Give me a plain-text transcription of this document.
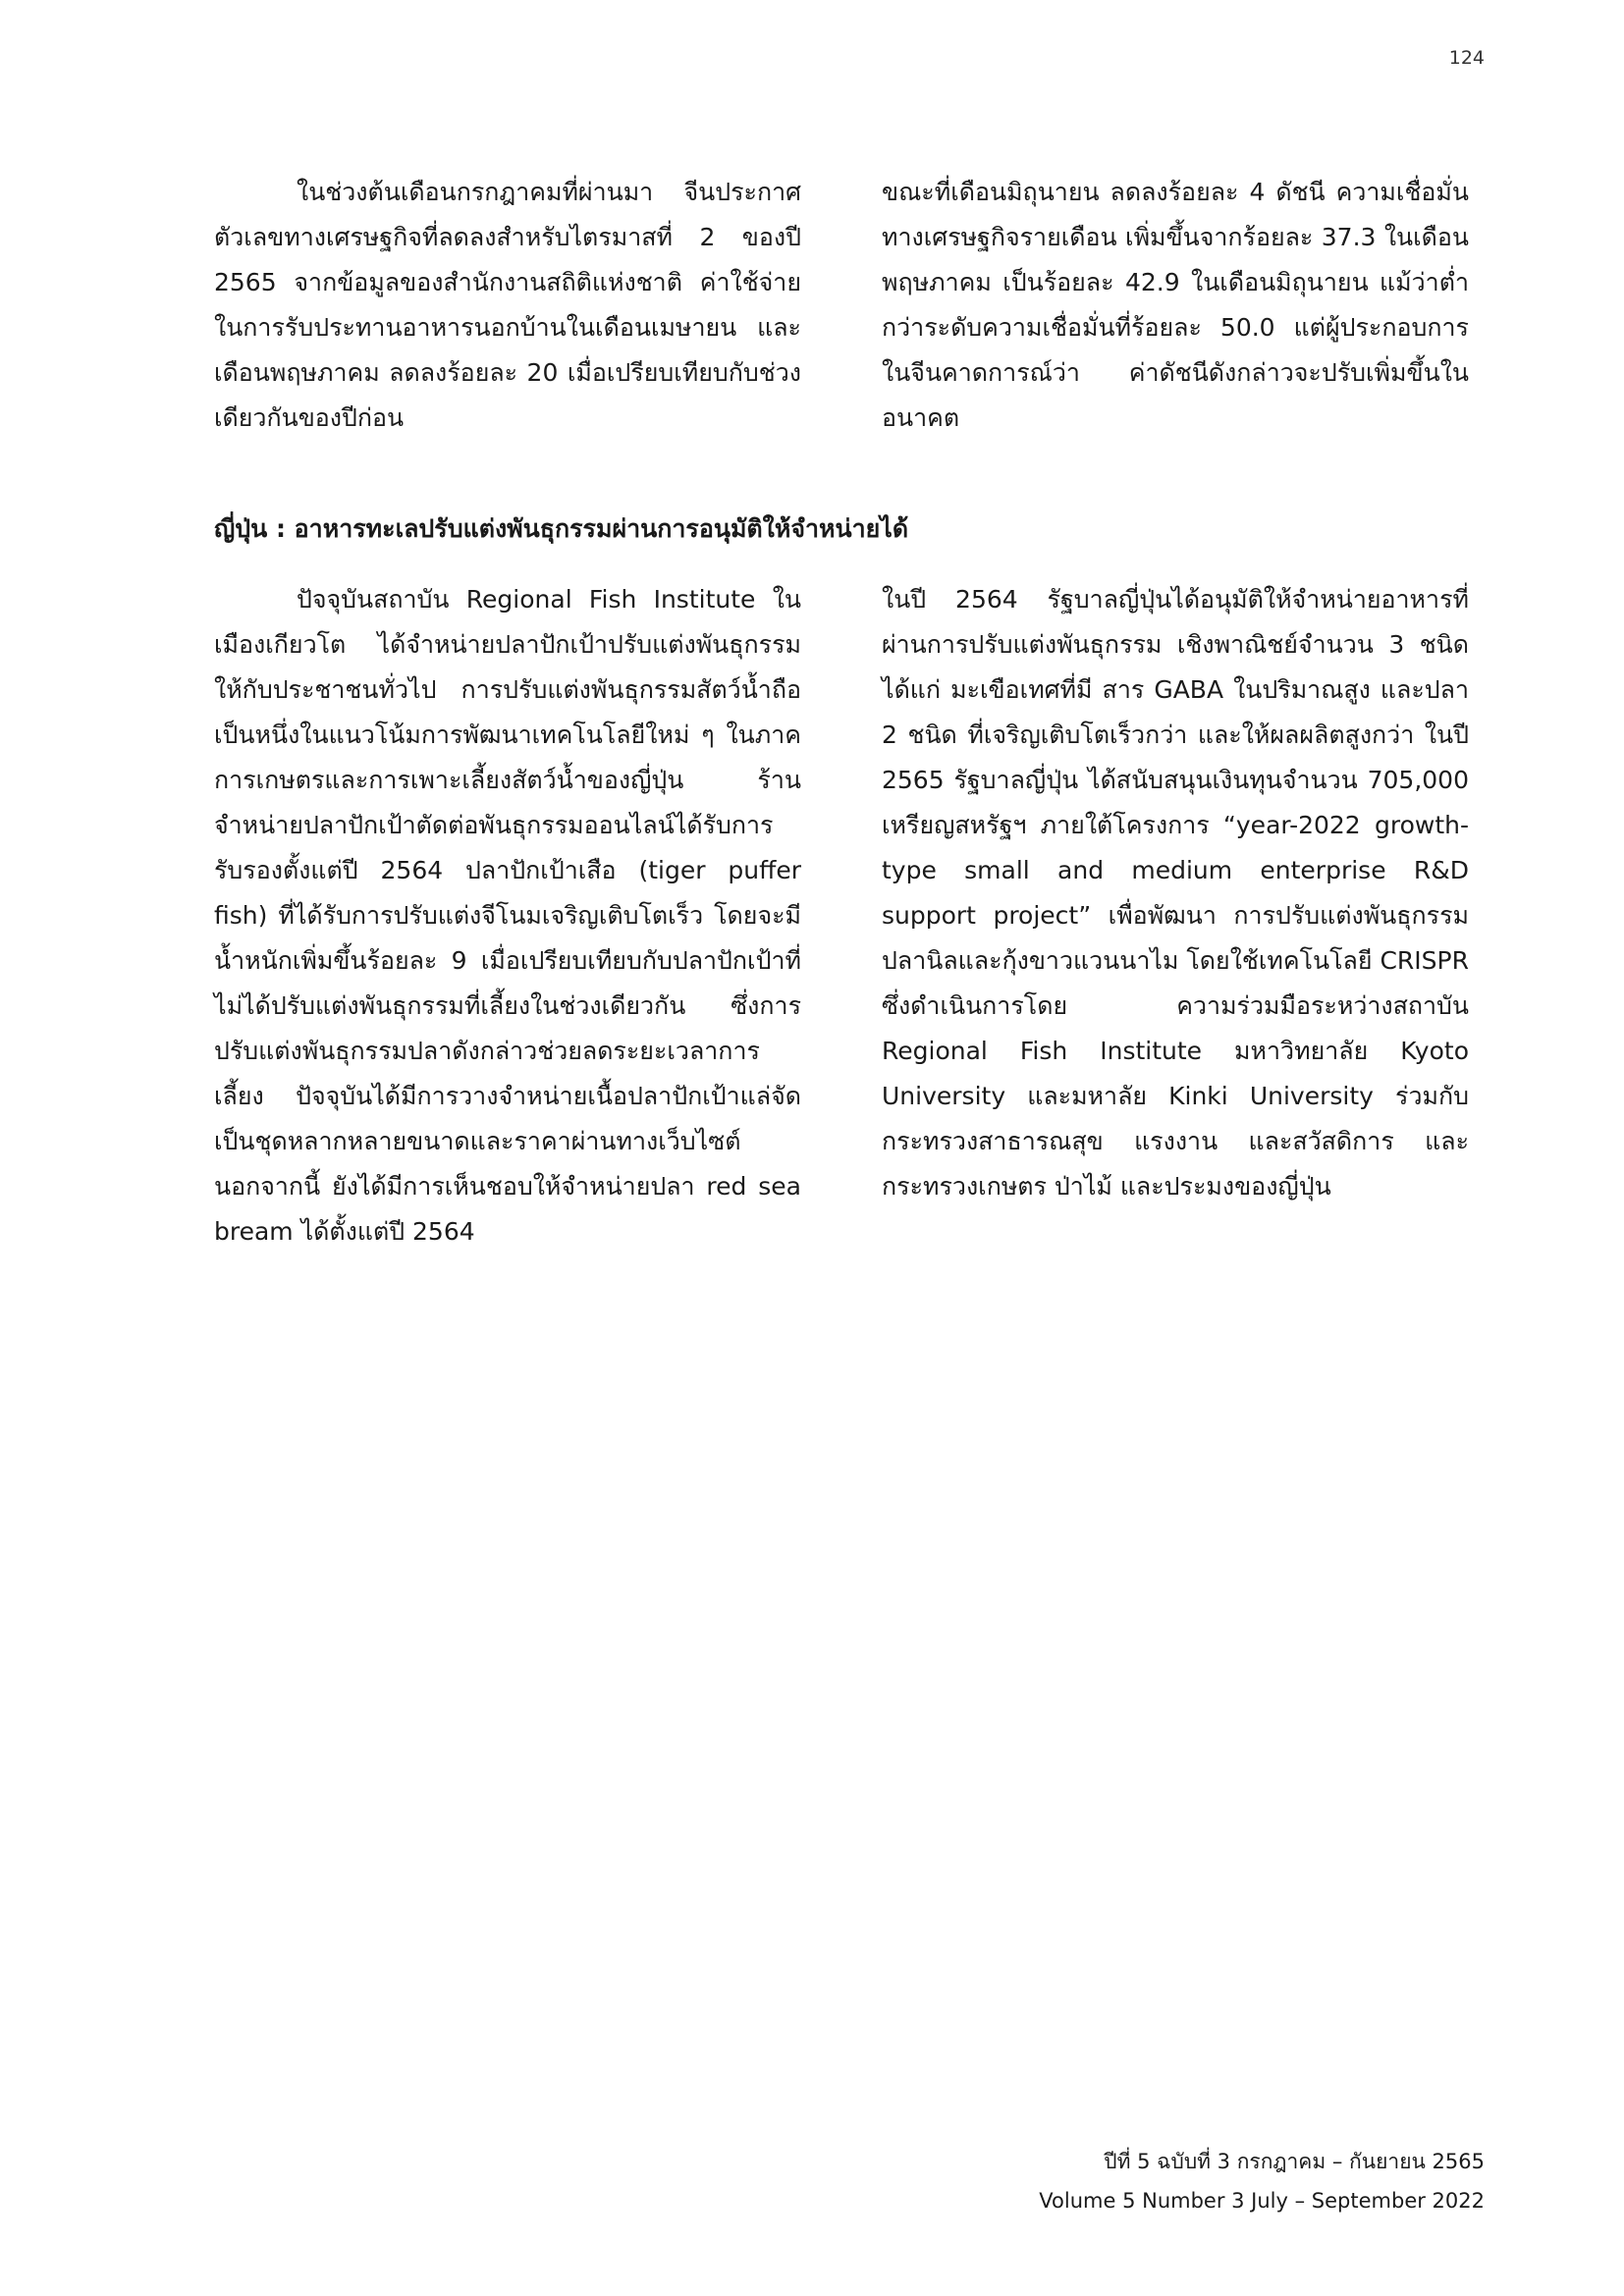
124

ในช่วงต้นเดือนกรกฎาคมที่ผ่านมา จีนประกาศตัวเลขทางเศรษฐกิจที่ลดลงสำหรับไตรมาสที่ 2 ของปี 2565 จากข้อมูลของสำนักงานสถิติแห่งชาติ ค่าใช้จ่ายในการรับประทานอาหารนอกบ้านในเดือนเมษายน และเดือนพฤษภาคม ลดลงร้อยละ 20 เมื่อเปรียบเทียบกับช่วงเดียวกันของปีก่อน

ขณะที่เดือนมิถุนายน ลดลงร้อยละ 4 ดัชนี ความเชื่อมั่นทางเศรษฐกิจรายเดือน เพิ่มขึ้นจากร้อยละ 37.3 ในเดือนพฤษภาคม เป็นร้อยละ 42.9 ในเดือนมิถุนายน แม้ว่าต่ำกว่าระดับความเชื่อมั่นที่ร้อยละ 50.0 แต่ผู้ประกอบการในจีนคาดการณ์ว่า ค่าดัชนีดังกล่าวจะปรับเพิ่มขึ้นในอนาคต

ญี่ปุ่น : อาหารทะเลปรับแต่งพันธุกรรมผ่านการอนุมัติให้จำหน่ายได้

ปัจจุบันสถาบัน Regional Fish Institute ในเมืองเกียวโต ได้จำหน่ายปลาปักเป้าปรับแต่งพันธุกรรมให้กับประชาชนทั่วไป การปรับแต่งพันธุกรรมสัตว์น้ำถือเป็นหนึ่งในแนวโน้มการพัฒนาเทคโนโลยีใหม่ ๆ ในภาคการเกษตรและการเพาะเลี้ยงสัตว์น้ำของญี่ปุ่น ร้านจำหน่ายปลาปักเป้าตัดต่อพันธุกรรมออนไลน์ได้รับการรับรองตั้งแต่ปี 2564 ปลาปักเป้าเสือ (tiger puffer fish) ที่ได้รับการปรับแต่งจีโนมเจริญเติบโตเร็ว โดยจะมีน้ำหนักเพิ่มขึ้นร้อยละ 9 เมื่อเปรียบเทียบกับปลาปักเป้าที่ไม่ได้ปรับแต่งพันธุกรรมที่เลี้ยงในช่วงเดียวกัน ซึ่งการปรับแต่งพันธุกรรมปลาดังกล่าวช่วยลดระยะเวลาการเลี้ยง ปัจจุบันได้มีการวางจำหน่ายเนื้อปลาปักเป้าแล่จัดเป็นชุดหลากหลายขนาดและราคาผ่านทางเว็บไซต์ นอกจากนี้ ยังได้มีการเห็นชอบให้จำหน่ายปลา red sea bream ได้ตั้งแต่ปี 2564

ในปี 2564 รัฐบาลญี่ปุ่นได้อนุมัติให้จำหน่ายอาหารที่ผ่านการปรับแต่งพันธุกรรม เชิงพาณิชย์จำนวน 3 ชนิด ได้แก่ มะเขือเทศที่มี สาร GABA ในปริมาณสูง และปลา 2 ชนิด ที่เจริญเติบโตเร็วกว่า และให้ผลผลิตสูงกว่า ในปี 2565 รัฐบาลญี่ปุ่น ได้สนับสนุนเงินทุนจำนวน 705,000 เหรียญสหรัฐฯ ภายใต้โครงการ “year-2022 growth-type small and medium enterprise R&D support project” เพื่อพัฒนา การปรับแต่งพันธุกรรมปลานิลและกุ้งขาวแวนนาไม โดยใช้เทคโนโลยี CRISPR ซึ่งดำเนินการโดย ความร่วมมือระหว่างสถาบัน Regional Fish Institute มหาวิทยาลัย Kyoto University และมหาลัย Kinki University ร่วมกับกระทรวงสาธารณสุข แรงงาน และสวัสดิการ และกระทรวงเกษตร ป่าไม้ และประมงของญี่ปุ่น

ปีที่ 5 ฉบับที่ 3 กรกฎาคม – กันยายน 2565
Volume 5 Number 3 July – September 2022
